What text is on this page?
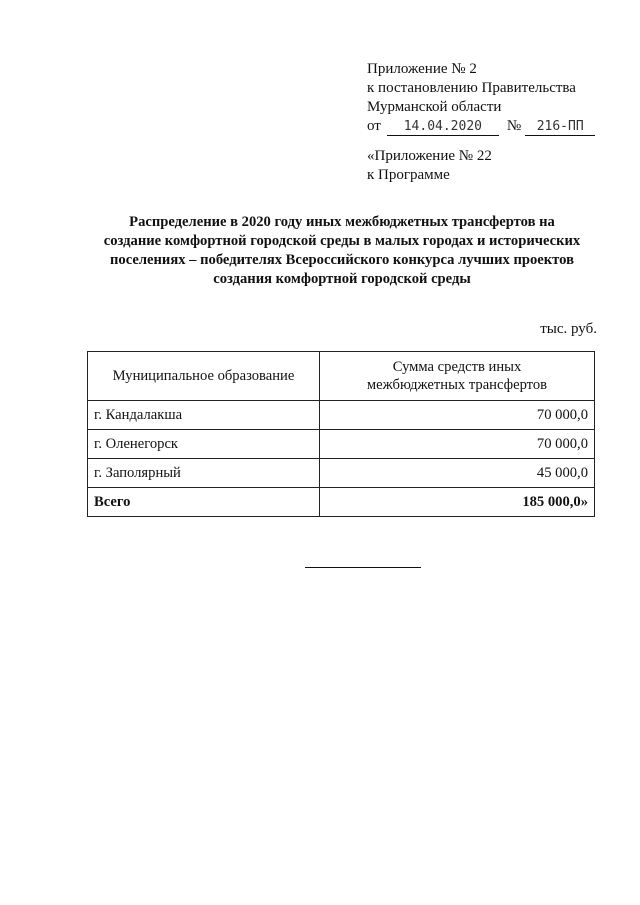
Приложение № 2
к постановлению Правительства
Мурманской области
от	14.04.2020	№	216-ПП
«Приложение № 22
к Программе
Распределение в 2020 году иных межбюджетных трансфертов на
создание комфортной городской среды в малых городах и исторических
поселениях – победителях Всероссийского конкурса лучших проектов
создания комфортной городской среды
тыс. руб.
Муниципальное образование	Сумма средств иных межбюджетных трансфертов
г. Кандалакша	70 000,0
г. Оленегорск	70 000,0
г. Заполярный	45 000,0
Всего	185 000,0»
